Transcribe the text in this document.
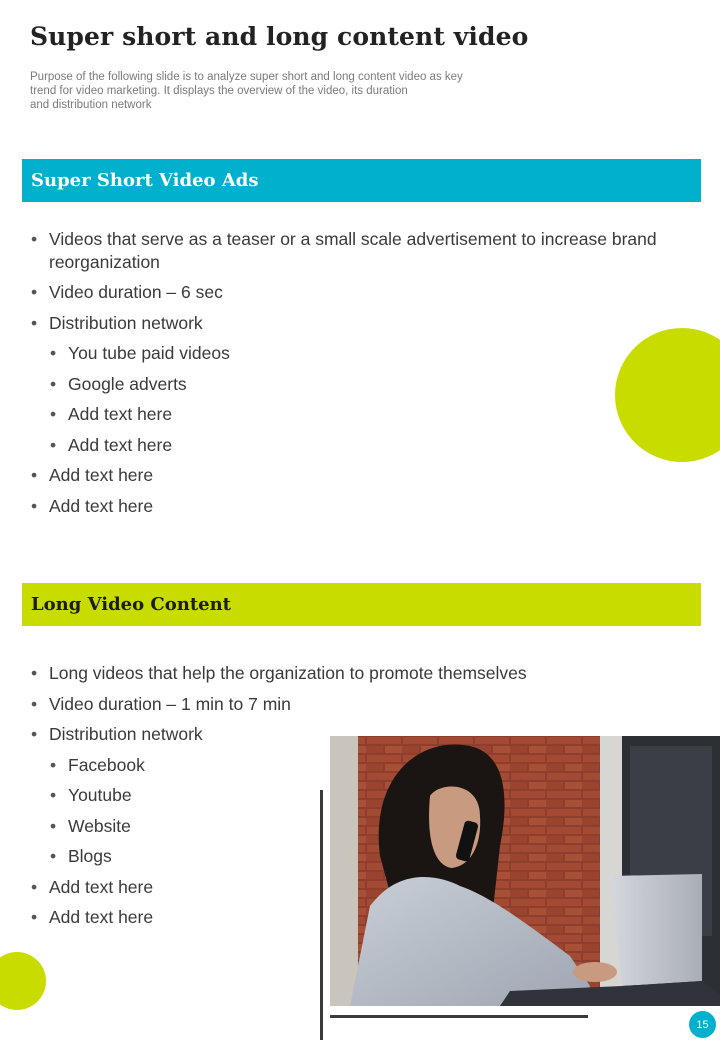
Super short and long content video
Purpose of the following slide is to analyze super short and long content video as key
trend for video marketing. It displays the overview of the video, its duration
and distribution network
Super Short Video Ads
• Videos that serve as a teaser or a small scale advertisement to increase brand reorganization
• Video duration – 6 sec
• Distribution network
• You tube paid videos
• Google adverts
• Add text here
• Add text here
• Add text here
• Add text here
Long Video Content
• Long videos that help the organization to promote themselves
• Video duration – 1 min to 7 min
• Distribution network
• Facebook
• Youtube
• Website
• Blogs
• Add text here
• Add text here
15
